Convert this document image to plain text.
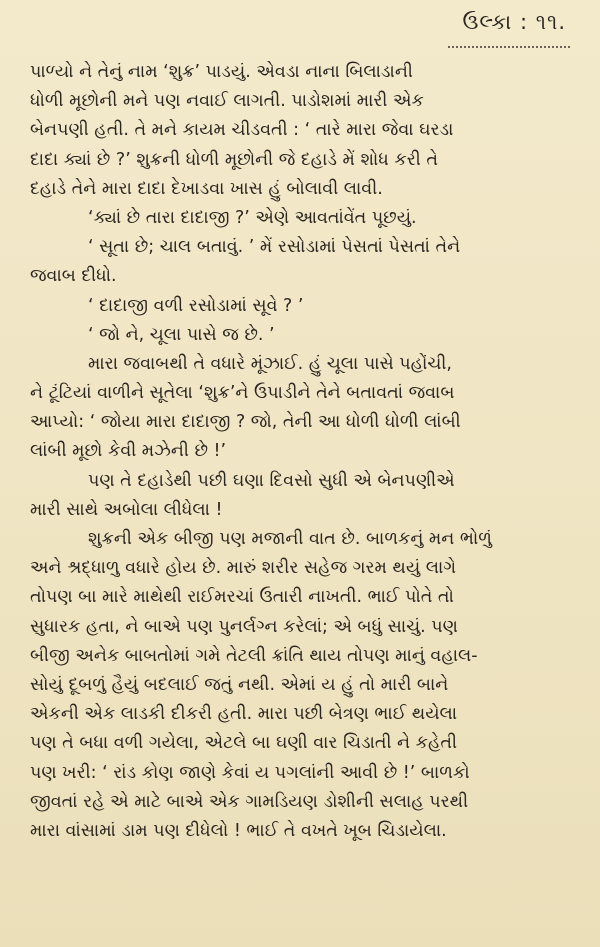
ઉલ્કા : ૧૧.
પાળ્યો ને તેનું નામ ‘શુક્ર’ પાડયું. એવડા નાના બિલાડાની
ધોળી મૂછોની મને પણ નવાઈ લાગતી. પાડોશમાં મારી એક
બેનપણી હતી. તે મને કાયમ ચીડવતી : ‘ તારે મારા જેવા ઘરડા
દાદા ક્યાં છે ?’ શુક્રની ધોળી મૂછોની જે દહાડે મેં શોધ કરી તે
દહાડે તેને મારા દાદા દેખાડવા ખાસ હું બોલાવી લાવી.
‘ક્યાં છે તારા દાદાજી ?’ એણે આવતાંવેંત પૂછયું.
‘ સૂતા છે; ચાલ બતાવું. ’ મેં રસોડામાં પેસતાં પેસતાં તેને
જવાબ દીધો.
‘ દાદાજી વળી રસોડામાં સૂવે ? ’
‘ જો ને, ચૂલા પાસે જ છે. ’
મારા જવાબથી તે વધારે મૂંઝાઈ. હું ચૂલા પાસે પહોંચી,
ને ટૂંટિયાં વાળીને સૂતેલા ‘શુક્ર’ને ઉપાડીને તેને બતાવતાં જવાબ
આપ્યો: ‘ જોયા મારા દાદાજી ? જો, તેની આ ધોળી ધોળી લાંબી
લાંબી મૂછો કેવી મઝેની છે !’
પણ તે દહાડેથી પછી ઘણા દિવસો સુધી એ બેનપણીએ
મારી સાથે અબોલા લીધેલા !
શુક્રની એક બીજી પણ મજાની વાત છે. બાળકનું મન ભોળું
અને શ્રદ્ધાળુ વધારે હોય છે. મારું શરીર સહેજ ગરમ થયું લાગે
તોપણ બા મારે માથેથી રાઈમરચાં ઉતારી નાખતી. ભાઈ પોતે તો
સુધારક હતા, ને બાએ પણ પુનર્લગ્ન કરેલાં; એ બધું સાચું. પણ
બીજી અનેક બાબતોમાં ગમે તેટલી ક્રાંતિ થાય તોપણ માનું વહાલ-
સોયું દૂબળું હૈયું બદલાઈ જતું નથી. એમાં ય હું તો મારી બાને
એકની એક લાડકી દીકરી હતી. મારા પછી બેત્રણ ભાઈ થયેલા
પણ તે બધા વળી ગયેલા, એટલે બા ઘણી વાર ચિડાતી ને કહેતી
પણ ખરી: ‘ રાંડ કોણ જાણે કેવાં ય પગલાંની આવી છે !’ બાળકો
જીવતાં રહે એ માટે બાએ એક ગામડિયણ ડોશીની સલાહ પરથી
મારા વાંસામાં ડામ પણ દીધેલો ! ભાઈ તે વખતે ખૂબ ચિડાયેલા.
